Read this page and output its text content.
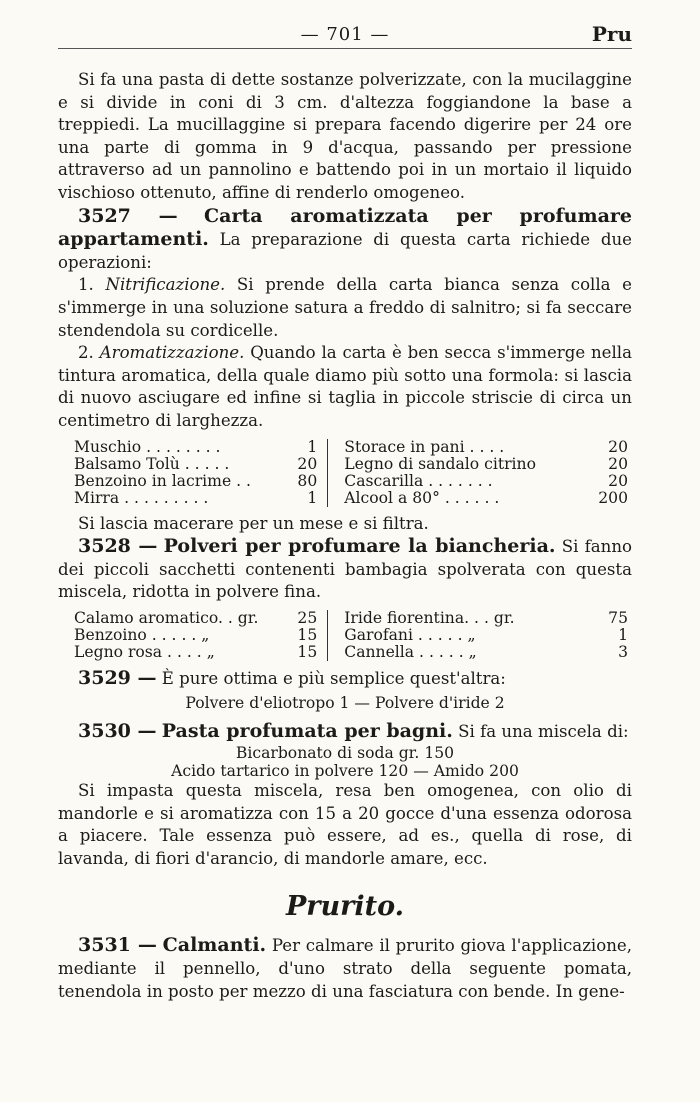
— 701 —	Pru

Si fa una pasta di dette sostanze polverizzate, con la mucilaggine e si divide in coni di 3 cm. d'altezza foggiandone la base a treppiedi. La mucillaggine si prepara facendo digerire per 24 ore una parte di gomma in 9 d'acqua, passando per pressione attraverso ad un pannolino e battendo poi in un mortaio il liquido vischioso ottenuto, affine di renderlo omogeneo.

3527 — Carta aromatizzata per profumare appartamenti. La preparazione di questa carta richiede due operazioni:

1. Nitrificazione. Si prende della carta bianca senza colla e s'immerge in una soluzione satura a freddo di salnitro; si fa seccare stendendola su cordicelle.

2. Aromatizzazione. Quando la carta è ben secca s'immerge nella tintura aromatica, della quale diamo più sotto una formola: si lascia di nuovo asciugare ed infine si taglia in piccole striscie di circa un centimetro di larghezza.

Muschio . . . . . . . . 1		Storace in pani . . . . 20

Balsamo Tolù . . . . . 20		Legno di sandalo citrino 20

Benzoino in lacrime . . 80		Cascarilla . . . . . . . 20

Mirra . . . . . . . . . 1		Alcool a 80° . . . . . . 200

Si lascia macerare per un mese e si filtra.

3528 — Polveri per profumare la biancheria. Si fanno dei piccoli sacchetti contenenti bambagia spolverata con questa miscela, ridotta in polvere fina.

Calamo aromatico. . gr. 25		Iride fiorentina. . . gr. 75

Benzoino . . . . . „ 15		Garofani . . . . . „ 1

Legno rosa . . . . „ 15		Cannella . . . . . „ 3

3529 — È pure ottima e più semplice quest'altra:

Polvere d'eliotropo 1 — Polvere d'iride 2

3530 — Pasta profumata per bagni. Si fa una miscela di:

Bicarbonato di soda gr. 150

Acido tartarico in polvere 120 — Amido 200

Si impasta questa miscela, resa ben omogenea, con olio di mandorle e si aromatizza con 15 a 20 gocce d'una essenza odorosa a piacere. Tale essenza può essere, ad es., quella di rose, di lavanda, di fiori d'arancio, di mandorle amare, ecc.

Prurito.

3531 — Calmanti. Per calmare il prurito giova l'applicazione, mediante il pennello, d'uno strato della seguente pomata, tenendola in posto per mezzo di una fasciatura con bende. In gene-
